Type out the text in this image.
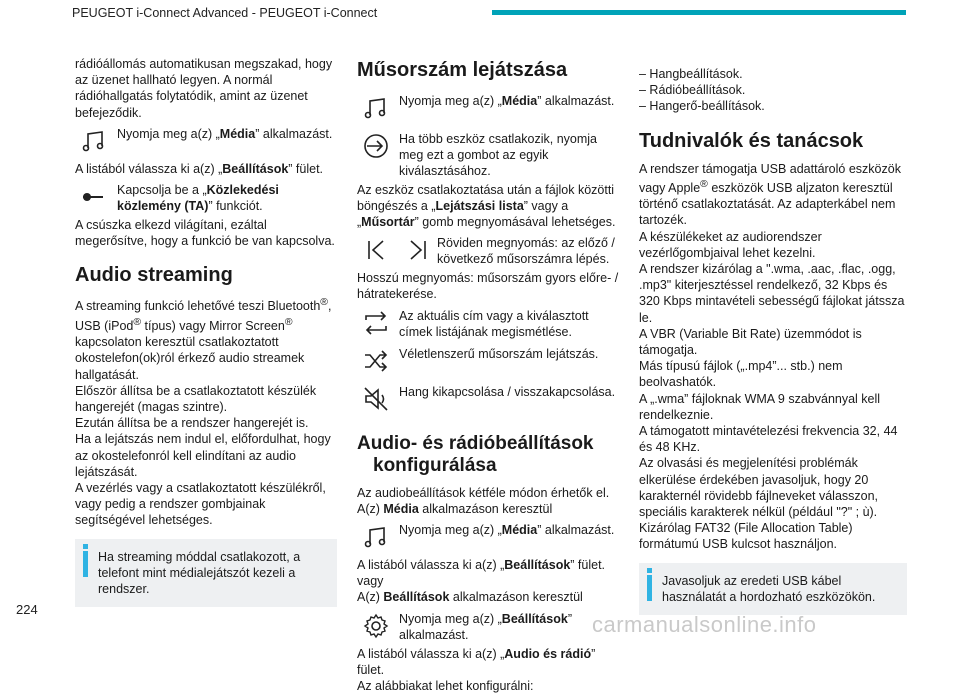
PEUGEOT i-Connect Advanced - PEUGEOT i-Connect

rádióállomás automatikusan megszakad, hogy az üzenet hallható legyen. A normál rádióhallgatás folytatódik, amint az üzenet befejeződik.

Nyomja meg a(z) „Média” alkalmazást.

A listából válassza ki a(z) „Beállítások” fület.

Kapcsolja be a „Közlekedési közlemény (TA)” funkciót.

A csúszka elkezd világítani, ezáltal megerősítve, hogy a funkció be van kapcsolva.

Audio streaming

A streaming funkció lehetővé teszi Bluetooth®, USB (iPod® típus) vagy Mirror Screen® kapcsolaton keresztül csatlakoztatott okostelefon(ok)ról érkező audio streamek hallgatását.

Először állítsa be a csatlakoztatott készülék hangerejét (magas szintre).

Ezután állítsa be a rendszer hangerejét is.

Ha a lejátszás nem indul el, előfordulhat, hogy az okostelefonról kell elindítani az audio lejátszását.

A vezérlés vagy a csatlakoztatott készülékről, vagy pedig a rendszer gombjainak segítségével lehetséges.

Ha streaming móddal csatlakozott, a telefont mint médialejátszót kezeli a rendszer.
Műsorszám lejátszása
Nyomja meg a(z) „Média” alkalmazást.
Ha több eszköz csatlakozik, nyomja meg ezt a gombot az egyik kiválasztásához.

Az eszköz csatlakoztatása után a fájlok közötti böngészés a „Lejátszási lista” vagy a „Műsortár” gomb megnyomásával lehetséges.

Röviden megnyomás: az előző / következő műsorszámra lépés.

Hosszú megnyomás: műsorszám gyors előre- / hátratekerése.

Az aktuális cím vagy a kiválasztott címek listájának megismétlése.
Véletlenszerű műsorszám lejátszás.
Hang kikapcsolása / visszakapcsolása.
Audio- és rádióbeállítások
konfigurálása

Az audiobeállítások kétféle módon érhetők el.

A(z) Média alkalmazáson keresztül

Nyomja meg a(z) „Média” alkalmazást.

A listából válassza ki a(z) „Beállítások” fület.

vagy

A(z) Beállítások alkalmazáson keresztül

Nyomja meg a(z) „Beállítások” alkalmazást.

A listából válassza ki a(z) „Audio és rádió” fület.

Az alábbiakat lehet konfigurálni:

– Hangbeállítások.

– Rádióbeállítások.

– Hangerő-beállítások.

Tudnivalók és tanácsok

A rendszer támogatja USB adattároló eszközök vagy Apple® eszközök USB aljzaton keresztül történő csatlakoztatását. Az adapterkábel nem tartozék.

A készülékeket az audiorendszer vezérlőgombjaival lehet kezelni.

A rendszer kizárólag a ".wma, .aac, .flac, .ogg, .mp3" kiterjesztéssel rendelkező, 32 Kbps és 320 Kbps mintavételi sebességű fájlokat játssza le.

A VBR (Variable Bit Rate) üzemmódot is támogatja.

Más típusú fájlok („.mp4”... stb.) nem beolvashatók.

A „.wma” fájloknak WMA 9 szabvánnyal kell rendelkeznie.

A támogatott mintavételezési frekvencia 32, 44 és 48 KHz.

Az olvasási és megjelenítési problémák elkerülése érdekében javasoljuk, hogy 20 karakternél rövidebb fájlneveket válasszon, speciális karakterek nélkül (például "?" ; ù).

Kizárólag FAT32 (File Allocation Table) formátumú USB kulcsot használjon.

Javasoljuk az eredeti USB kábel használatát a hordozható eszközökön.
224
carmanualsonline.info
